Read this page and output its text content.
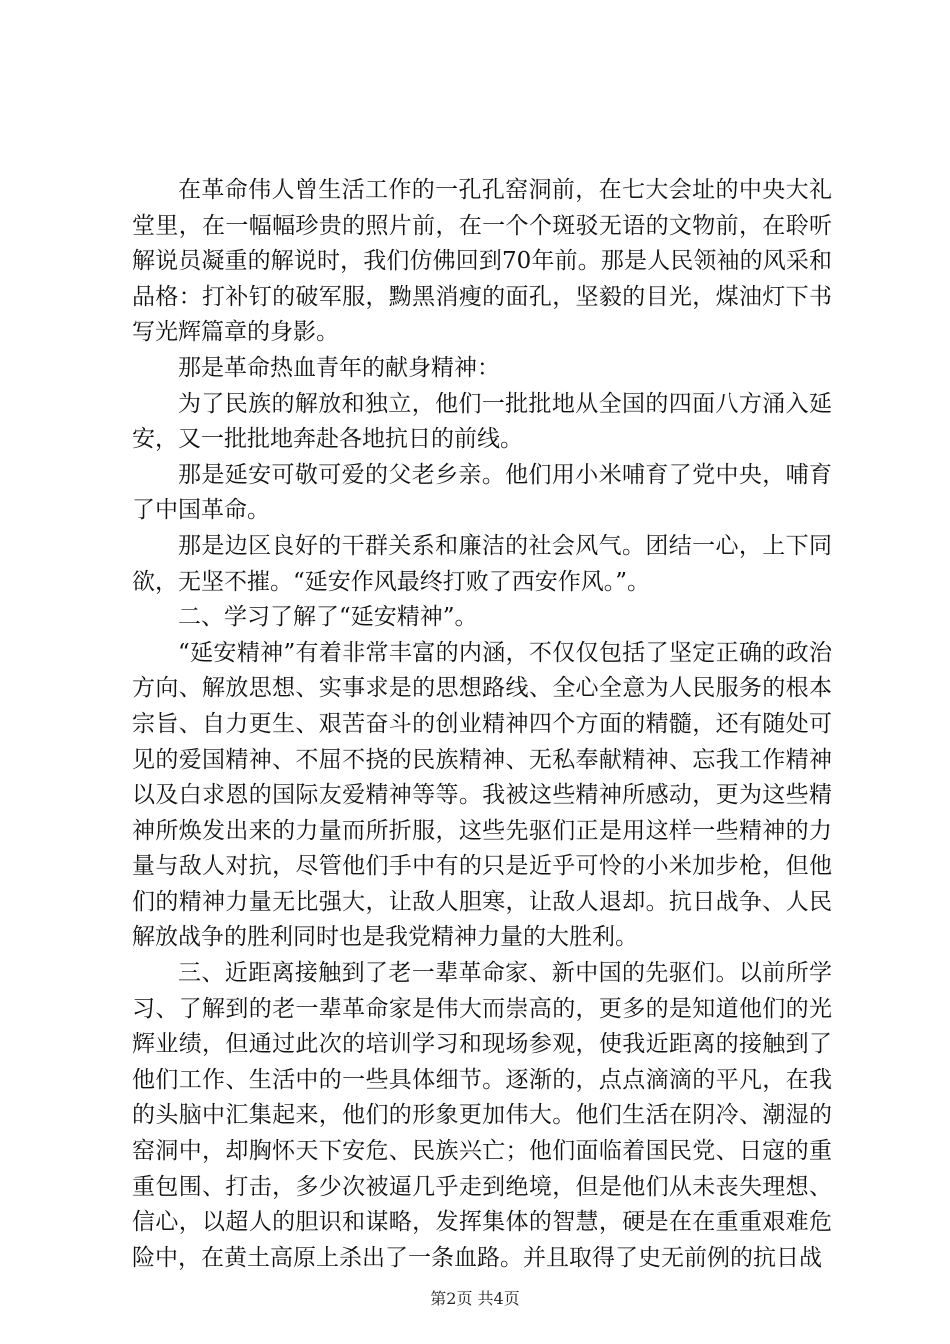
在革命伟人曾生活工作的一孔孔窑洞前，在七大会址的中央大礼堂里，在一幅幅珍贵的照片前，在一个个斑驳无语的文物前，在聆听解说员凝重的解说时，我们仿佛回到70年前。那是人民领袖的风采和品格：打补钉的破军服，黝黑消瘦的面孔，坚毅的目光，煤油灯下书写光辉篇章的身影。

那是革命热血青年的献身精神：

为了民族的解放和独立，他们一批批地从全国的四面八方涌入延安，又一批批地奔赴各地抗日的前线。

那是延安可敬可爱的父老乡亲。他们用小米哺育了党中央，哺育了中国革命。

那是边区良好的干群关系和廉洁的社会风气。团结一心，上下同欲，无坚不摧。“延安作风最终打败了西安作风。”。

二、学习了解了“延安精神”。

“延安精神”有着非常丰富的内涵，不仅仅包括了坚定正确的政治方向、解放思想、实事求是的思想路线、全心全意为人民服务的根本宗旨、自力更生、艰苦奋斗的创业精神四个方面的精髓，还有随处可见的爱国精神、不屈不挠的民族精神、无私奉献精神、忘我工作精神以及白求恩的国际友爱精神等等。我被这些精神所感动，更为这些精神所焕发出来的力量而所折服，这些先驱们正是用这样一些精神的力量与敌人对抗，尽管他们手中有的只是近乎可怜的小米加步枪，但他们的精神力量无比强大，让敌人胆寒，让敌人退却。抗日战争、人民解放战争的胜利同时也是我党精神力量的大胜利。

三、近距离接触到了老一辈革命家、新中国的先驱们。以前所学习、了解到的老一辈革命家是伟大而崇高的，更多的是知道他们的光辉业绩，但通过此次的培训学习和现场参观，使我近距离的接触到了他们工作、生活中的一些具体细节。逐渐的，点点滴滴的平凡，在我的头脑中汇集起来，他们的形象更加伟大。他们生活在阴冷、潮湿的窑洞中，却胸怀天下安危、民族兴亡；他们面临着国民党、日寇的重重包围、打击，多少次被逼几乎走到绝境，但是他们从未丧失理想、信心，以超人的胆识和谋略，发挥集体的智慧，硬是在在重重艰难危险中，在黄土高原上杀出了一条血路。并且取得了史无前例的抗日战

第2页 共4页
